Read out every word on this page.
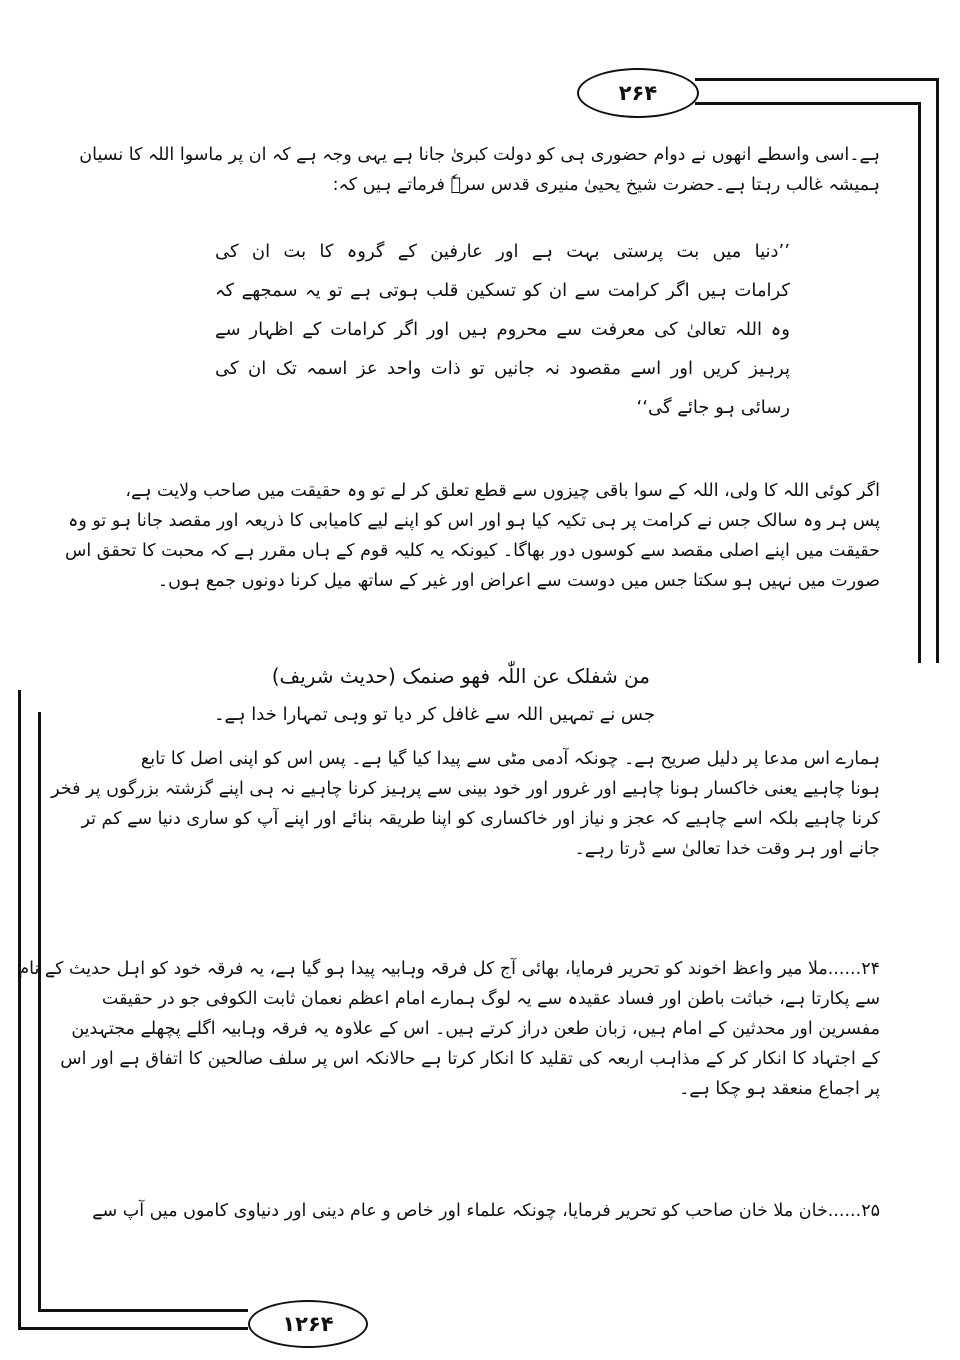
۲۶۴
۱۲۶۴
ہے۔اسی واسطے انھوں نے دوام حضوری ہی کو دولت کبریٰ جانا ہے یہی وجہ ہے کہ ان پر ماسوا اللہ کا نسیان
ہمیشہ غالب رہتا ہے۔حضرت شیخ یحییٰ منیری قدس سرہٗ فرماتے ہیں کہ:
’’دنیا میں بت پرستی بہت ہے اور عارفین کے گروہ کا بت ان کی
کرامات ہیں اگر کرامت سے ان کو تسکین قلب ہوتی ہے تو یہ سمجھے کہ
وہ اللہ تعالیٰ کی معرفت سے محروم ہیں اور اگر کرامات کے اظہار سے
پرہیز کریں اور اسے مقصود نہ جانیں تو ذات واحد عز اسمہ تک ان کی
رسائی ہو جائے گی‘‘
اگر کوئی اللہ کا ولی، اللہ کے سوا باقی چیزوں سے قطع تعلق کر لے تو وہ حقیقت میں صاحب ولایت ہے،
پس ہر وہ سالک جس نے کرامت پر ہی تکیہ کیا ہو اور اس کو اپنے لیے کامیابی کا ذریعہ اور مقصد جانا ہو تو وہ
حقیقت میں اپنے اصلی مقصد سے کوسوں دور بھاگا۔ کیونکہ یہ کلیہ قوم کے ہاں مقرر ہے کہ محبت کا تحقق اس
صورت میں نہیں ہو سکتا جس میں دوست سے اعراض اور غیر کے ساتھ میل کرنا دونوں جمع ہوں۔
من شفلک عن اللّٰہ فھو صنمک (حدیث شریف)
جس نے تمہیں اللہ سے غافل کر دیا تو وہی تمہارا خدا ہے۔
ہمارے اس مدعا پر دلیل صریح ہے۔ چونکہ آدمی مٹی سے پیدا کیا گیا ہے۔ پس اس کو اپنی اصل کا تابع
ہونا چاہیے یعنی خاکسار ہونا چاہیے اور غرور اور خود بینی سے پرہیز کرنا چاہیے نہ ہی اپنے گزشتہ بزرگوں پر فخر
کرنا چاہیے بلکہ اسے چاہیے کہ عجز و نیاز اور خاکساری کو اپنا طریقہ بنائے اور اپنے آپ کو ساری دنیا سے کم تر
جانے اور ہر وقت خدا تعالیٰ سے ڈرتا رہے۔
۲۴......ملا میر واعظ اخوند کو تحریر فرمایا، بھائی آج کل فرقہ وہابیہ پیدا ہو گیا ہے، یہ فرقہ خود کو اہل حدیث کے نام
سے پکارتا ہے، خباثت باطن اور فساد عقیدہ سے یہ لوگ ہمارے امام اعظم نعمان ثابت الکوفی جو در حقیقت
مفسرین اور محدثین کے امام ہیں، زبان طعن دراز کرتے ہیں۔ اس کے علاوہ یہ فرقہ وہابیہ اگلے پچھلے مجتہدین
کے اجتہاد کا انکار کر کے مذاہب اربعہ کی تقلید کا انکار کرتا ہے حالانکہ اس پر سلف صالحین کا اتفاق ہے اور اس
پر اجماع منعقد ہو چکا ہے۔
۲۵......خان ملا خان صاحب کو تحریر فرمایا، چونکہ علماء اور خاص و عام دینی اور دنیاوی کاموں میں آپ سے
